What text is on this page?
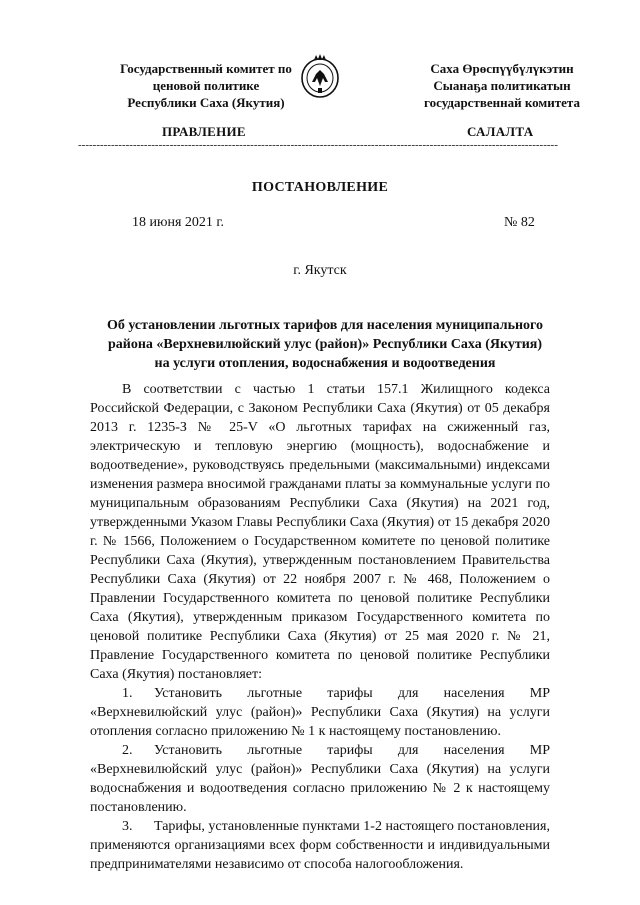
Государственный комитет по
ценовой политике
Республики Саха (Якутия)
Саха Өрөспүүбүлүкэтин
Сыанаҕа политикатын
государственнай комитета
ПРАВЛЕНИЕ	САЛАЛТА
-----------------------------------------------------------------------------------------------------------------------------------
ПОСТАНОВЛЕНИЕ
18 июня 2021 г.	№ 82
г. Якутск
Об установлении льготных тарифов для населения муниципального района «Верхневилюйский улус (район)» Республики Саха (Якутия) на услуги отопления, водоснабжения и водоотведения

В соответствии с частью 1 статьи 157.1 Жилищного кодекса Российской Федерации, с Законом Республики Саха (Якутия) от 05 декабря 2013 г. 1235-З № 25-V «О льготных тарифах на сжиженный газ, электрическую и тепловую энергию (мощность), водоснабжение и водоотведение», руководствуясь предельными (максимальными) индексами изменения размера вносимой гражданами платы за коммунальные услуги по муниципальным образованиям Республики Саха (Якутия) на 2021 год, утвержденными Указом Главы Республики Саха (Якутия) от 15 декабря 2020 г. № 1566, Положением о Государственном комитете по ценовой политике Республики Саха (Якутия), утвержденным постановлением Правительства Республики Саха (Якутия) от 22 ноября 2007 г. № 468, Положением о Правлении Государственного комитета по ценовой политике Республики Саха (Якутия), утвержденным приказом Государственного комитета по ценовой политике Республики Саха (Якутия) от 25 мая 2020 г. № 21, Правление Государственного комитета по ценовой политике Республики Саха (Якутия) постановляет:

1. Установить льготные тарифы для населения МР «Верхневилюйский улус (район)» Республики Саха (Якутия) на услуги отопления согласно приложению № 1 к настоящему постановлению.

2. Установить льготные тарифы для населения МР «Верхневилюйский улус (район)» Республики Саха (Якутия) на услуги водоснабжения и водоотведения согласно приложению № 2 к настоящему постановлению.

3. Тарифы, установленные пунктами 1-2 настоящего постановления, применяются организациями всех форм собственности и индивидуальными предпринимателями независимо от способа налогообложения.
